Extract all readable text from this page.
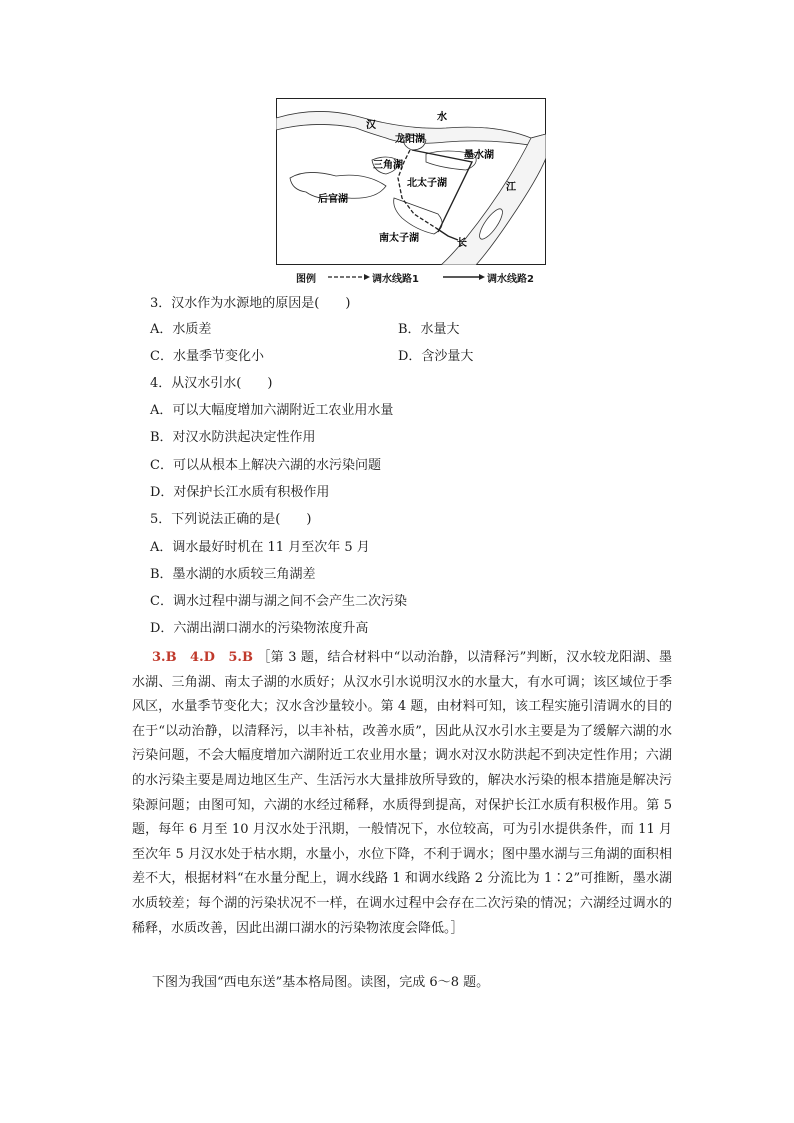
汉
水
龙阳湖
墨水湖
三角湖
北太子湖	江
后官湖
南太子湖	长
图例	调水线路1	调水线路2
3．汉水作为水源地的原因是(　　)
A．水质差	B．水量大
C．水量季节变化小	D．含沙量大
4．从汉水引水(　　)
A．可以大幅度增加六湖附近工农业用水量
B．对汉水防洪起决定性作用
C．可以从根本上解决六湖的水污染问题
D．对保护长江水质有积极作用
5．下列说法正确的是(　　)
A．调水最好时机在 11 月至次年 5 月
B．墨水湖的水质较三角湖差
C．调水过程中湖与湖之间不会产生二次污染
D．六湖出湖口湖水的污染物浓度升高
3.B　4.D　5.B ［第 3 题，结合材料中“以动治静，以清释污”判断，汉水较龙阳湖、墨水湖、三角湖、南太子湖的水质好；从汉水引水说明汉水的水量大，有水可调；该区域位于季风区，水量季节变化大；汉水含沙量较小。第 4 题，由材料可知，该工程实施引清调水的目的在于“以动治静，以清释污，以丰补枯，改善水质”，因此从汉水引水主要是为了缓解六湖的水污染问题，不会大幅度增加六湖附近工农业用水量；调水对汉水防洪起不到决定性作用；六湖的水污染主要是周边地区生产、生活污水大量排放所导致的，解决水污染的根本措施是解决污染源问题；由图可知，六湖的水经过稀释，水质得到提高，对保护长江水质有积极作用。第 5 题，每年 6 月至 10 月汉水处于汛期，一般情况下，水位较高，可为引水提供条件，而 11 月至次年 5 月汉水处于枯水期，水量小，水位下降，不利于调水；图中墨水湖与三角湖的面积相差不大，根据材料“在水量分配上，调水线路 1 和调水线路 2 分流比为 1∶2”可推断，墨水湖水质较差；每个湖的污染状况不一样，在调水过程中会存在二次污染的情况；六湖经过调水的稀释，水质改善，因此出湖口湖水的污染物浓度会降低。］
下图为我国“西电东送”基本格局图。读图，完成 6～8 题。
